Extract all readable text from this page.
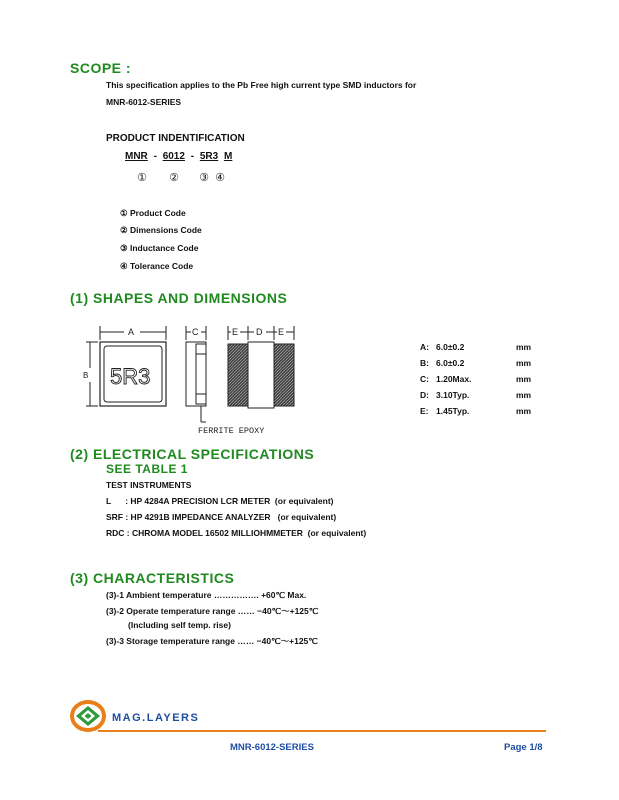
SCOPE :
This specification applies to the Pb Free high current type SMD inductors for
MNR-6012-SERIES
PRODUCT INDENTIFICATION
MNR - 6012 - 5R3 M
① ② ③ ④
① Product Code
② Dimensions Code
③ Inductance Code
④ Tolerance Code
(1) SHAPES AND DIMENSIONS
A
B
C	E D E
5R3
FERRITE EPOXY
A: 6.0±0.2	mm
B: 6.0±0.2	mm
C: 1.20Max.	mm
D: 3.10Typ.	mm
E: 1.45Typ.	mm
(2) ELECTRICAL SPECIFICATIONS
SEE TABLE 1
TEST INSTRUMENTS
L      : HP 4284A PRECISION LCR METER  (or equivalent)
SRF : HP 4291B IMPEDANCE ANALYZER   (or equivalent)
RDC : CHROMA MODEL 16502 MILLIOHMMETER  (or equivalent)
(3) CHARACTERISTICS
(3)-1 Ambient temperature ……………. +60℃ Max.
(3)-2 Operate temperature range …… −40℃～+125℃
(Including self temp. rise)
(3)-3 Storage temperature range …… −40℃～+125℃
MAG.LAYERS
MNR-6012-SERIES	Page 1/8
